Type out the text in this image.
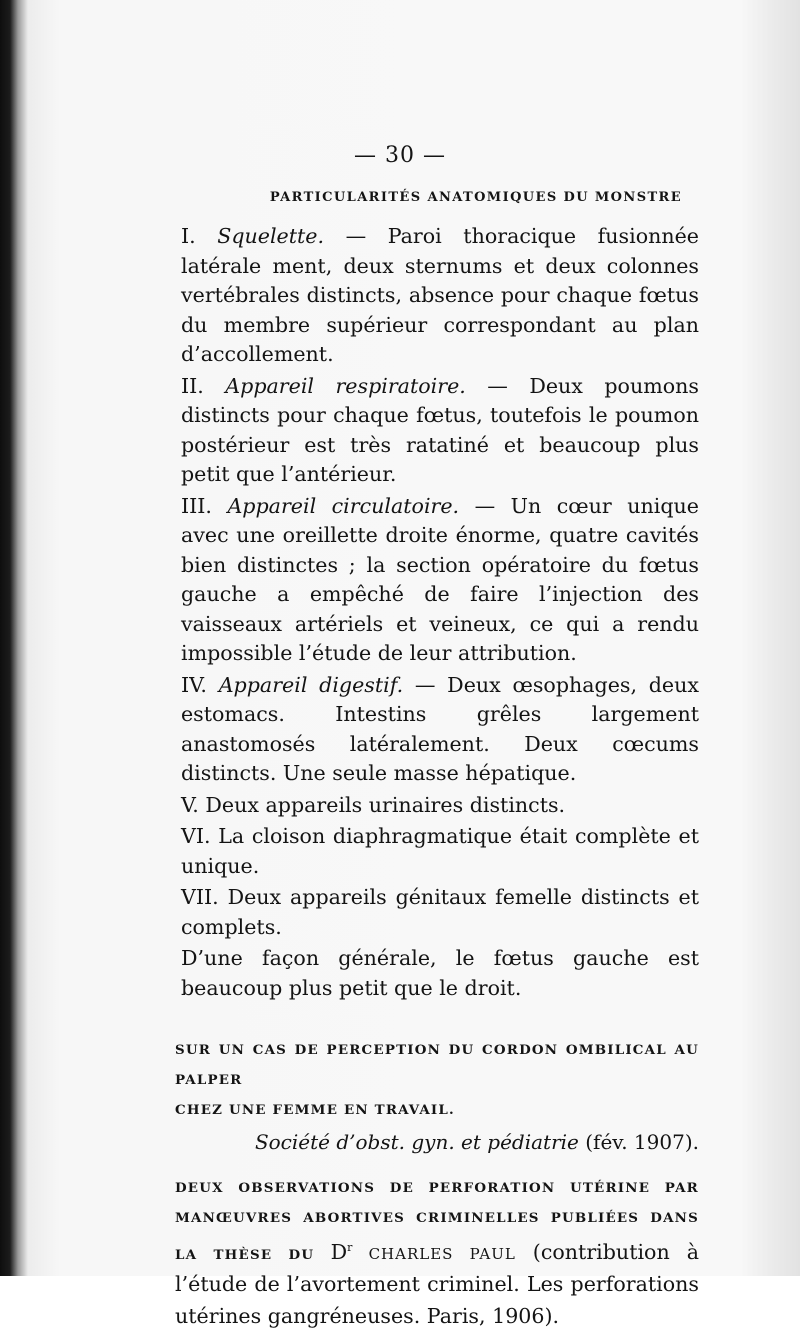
— 30 —
PARTICULARITÉS ANATOMIQUES DU MONSTRE

I. Squelette. — Paroi thoracique fusionnée latérale ment, deux sternums et deux colonnes vertébrales distincts, absence pour chaque fœtus du membre supérieur correspondant au plan d’accollement.

II. Appareil respiratoire. — Deux poumons distincts pour chaque fœtus, toutefois le poumon postérieur est très ratatiné et beaucoup plus petit que l’antérieur.

III. Appareil circulatoire. — Un cœur unique avec une oreillette droite énorme, quatre cavités bien distinctes ; la section opératoire du fœtus gauche a empêché de faire l’injection des vaisseaux artériels et veineux, ce qui a rendu impossible l’étude de leur attribution.

IV. Appareil digestif. — Deux œsophages, deux estomacs. Intestins grêles largement anastomosés latéralement. Deux cœcums distincts. Une seule masse hépatique.

V. Deux appareils urinaires distincts.

VI. La cloison diaphragmatique était complète et unique.

VII. Deux appareils génitaux femelle distincts et complets.

D’une façon générale, le fœtus gauche est beaucoup plus petit que le droit.

SUR UN CAS DE PERCEPTION DU CORDON OMBILICAL AU PALPER
CHEZ UNE FEMME EN TRAVAIL.
Société d’obst. gyn. et pédiatrie (fév. 1907).
DEUX OBSERVATIONS DE PERFORATION UTÉRINE PAR MANŒUVRES ABORTIVES CRIMINELLES PUBLIÉES DANS LA THÈSE DU $D^r$ CHARLES PAUL (contribution à l’étude de l’avortement criminel. Les perforations utérines gangréneuses. Paris, 1906).
